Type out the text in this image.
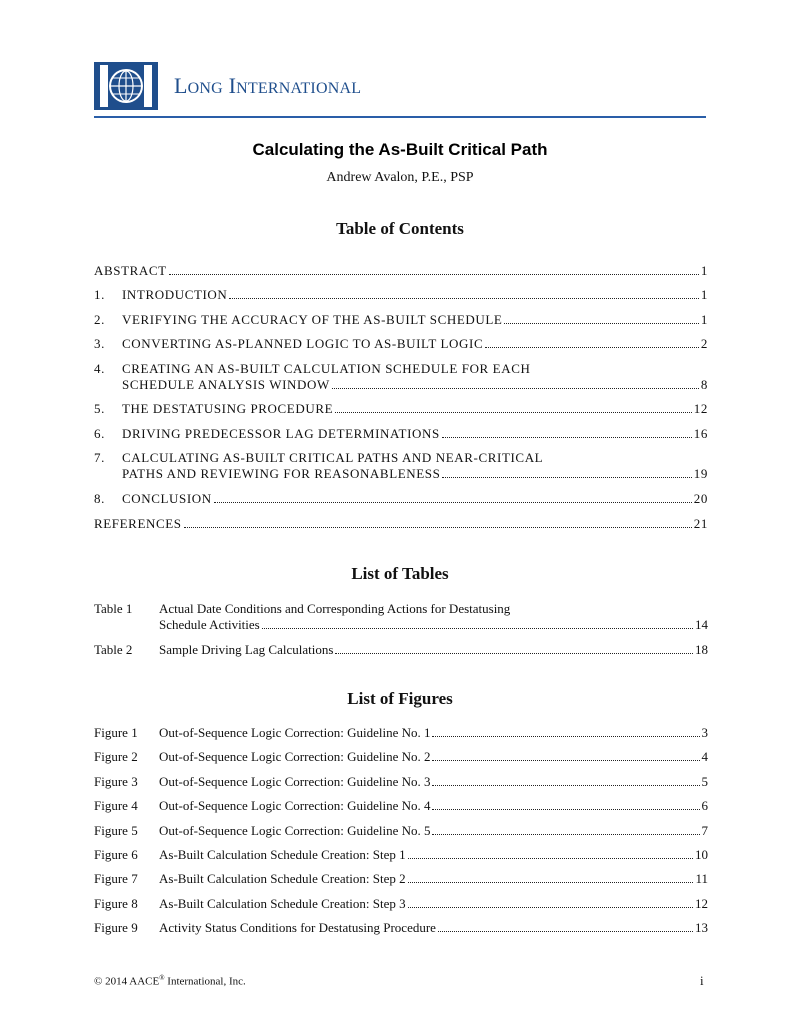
LONG INTERNATIONAL
Calculating the As-Built Critical Path
Andrew Avalon, P.E., PSP
Table of Contents
ABSTRACT	1
1.	INTRODUCTION	1
2.	VERIFYING THE ACCURACY OF THE AS-BUILT SCHEDULE	1
3.	CONVERTING AS-PLANNED LOGIC TO AS-BUILT LOGIC	2
4. CREATING AN AS-BUILT CALCULATION SCHEDULE FOR EACH
SCHEDULE ANALYSIS WINDOW	8
5.	THE DESTATUSING PROCEDURE	12
6.	DRIVING PREDECESSOR LAG DETERMINATIONS	16
7. CALCULATING AS-BUILT CRITICAL PATHS AND NEAR-CRITICAL
PATHS AND REVIEWING FOR REASONABLENESS	19
8.	CONCLUSION	20
REFERENCES	21
List of Tables
Table 1 Actual Date Conditions and Corresponding Actions for Destatusing
Schedule Activities	14
Table 2	Sample Driving Lag Calculations	18
List of Figures
Figure 1	Out-of-Sequence Logic Correction: Guideline No. 1	3
Figure 2	Out-of-Sequence Logic Correction: Guideline No. 2	4
Figure 3	Out-of-Sequence Logic Correction: Guideline No. 3	5
Figure 4	Out-of-Sequence Logic Correction: Guideline No. 4	6
Figure 5	Out-of-Sequence Logic Correction: Guideline No. 5	7
Figure 6	As-Built Calculation Schedule Creation: Step 1	10
Figure 7	As-Built Calculation Schedule Creation: Step 2	11
Figure 8	As-Built Calculation Schedule Creation: Step 3	12
Figure 9	Activity Status Conditions for Destatusing Procedure	13
© 2014 AACE® International, Inc.	i
